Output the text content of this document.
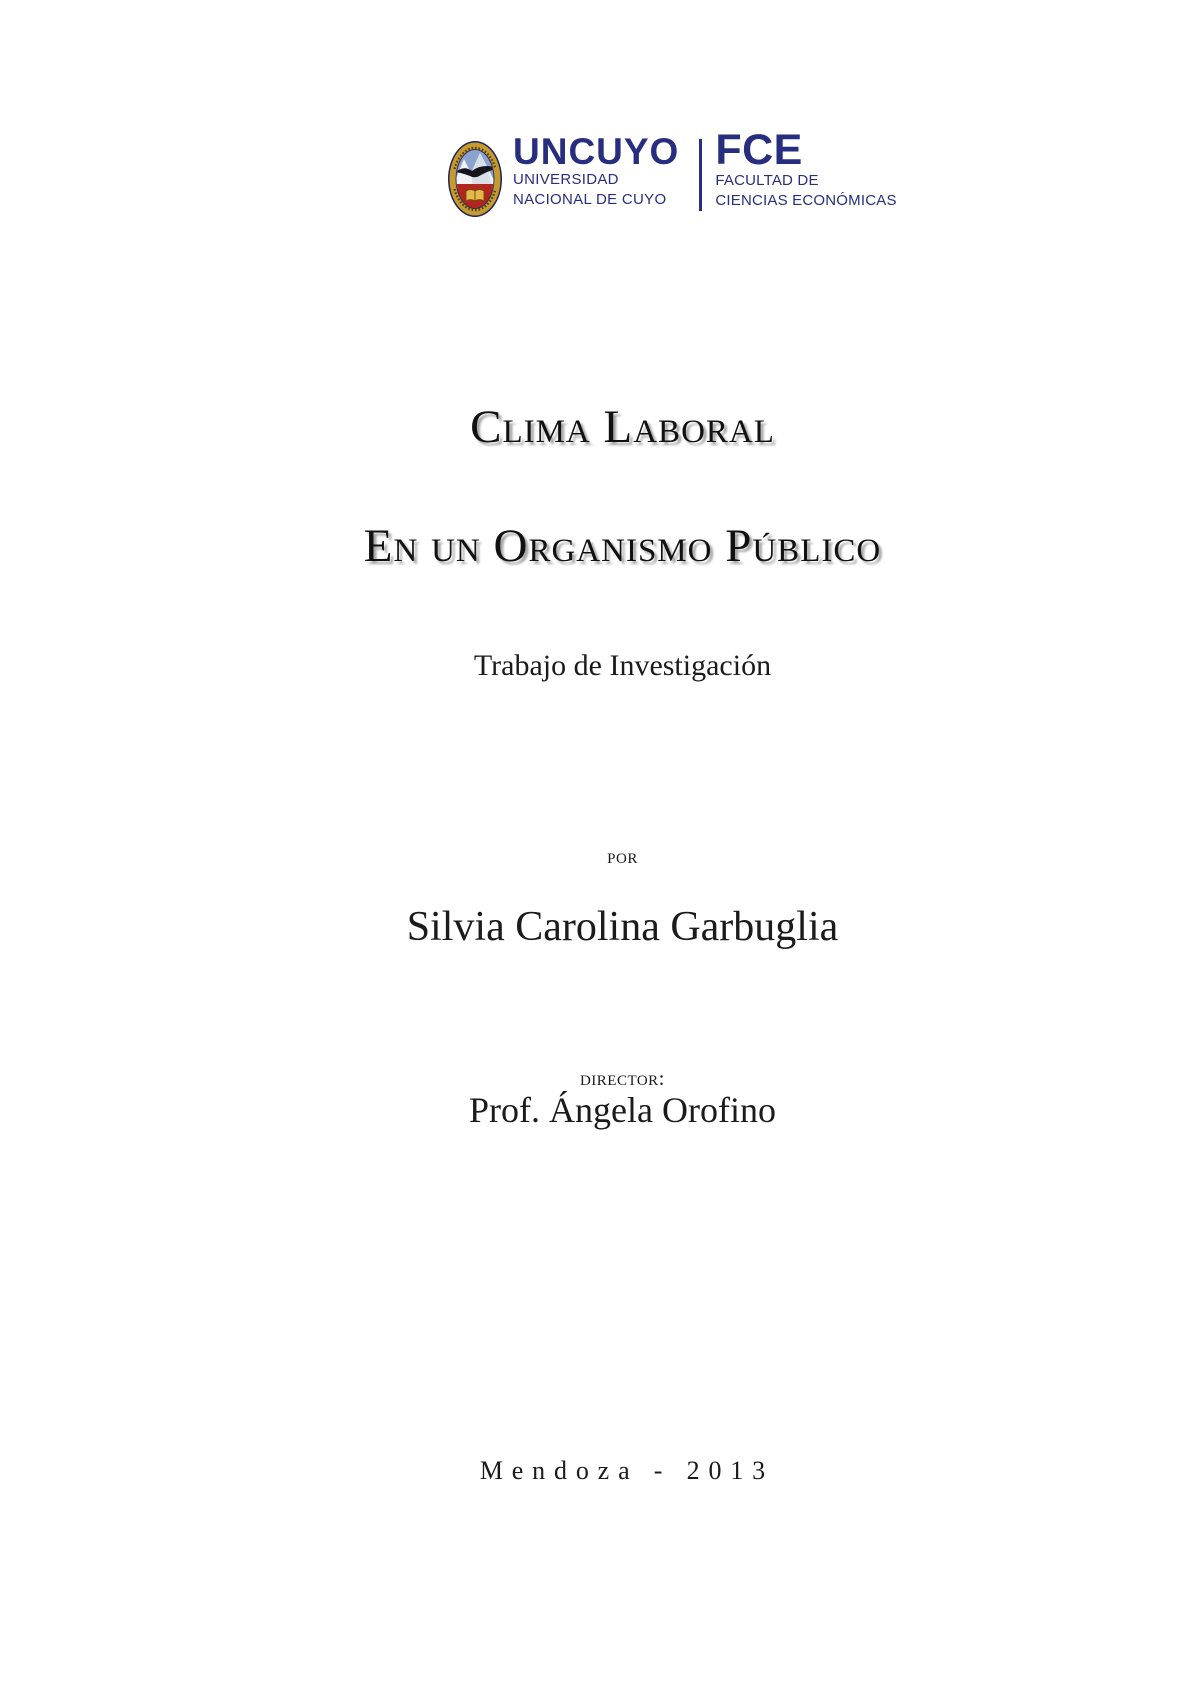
UNCUYO
UNIVERSIDAD
NACIONAL DE CUYO
FCE
FACULTAD DE
CIENCIAS ECONÓMICAS
Clima Laboral
En un Organismo Público
Trabajo de Investigación
por
Silvia Carolina Garbuglia
director:
Prof. Ángela Orofino
Mendoza - 2013
